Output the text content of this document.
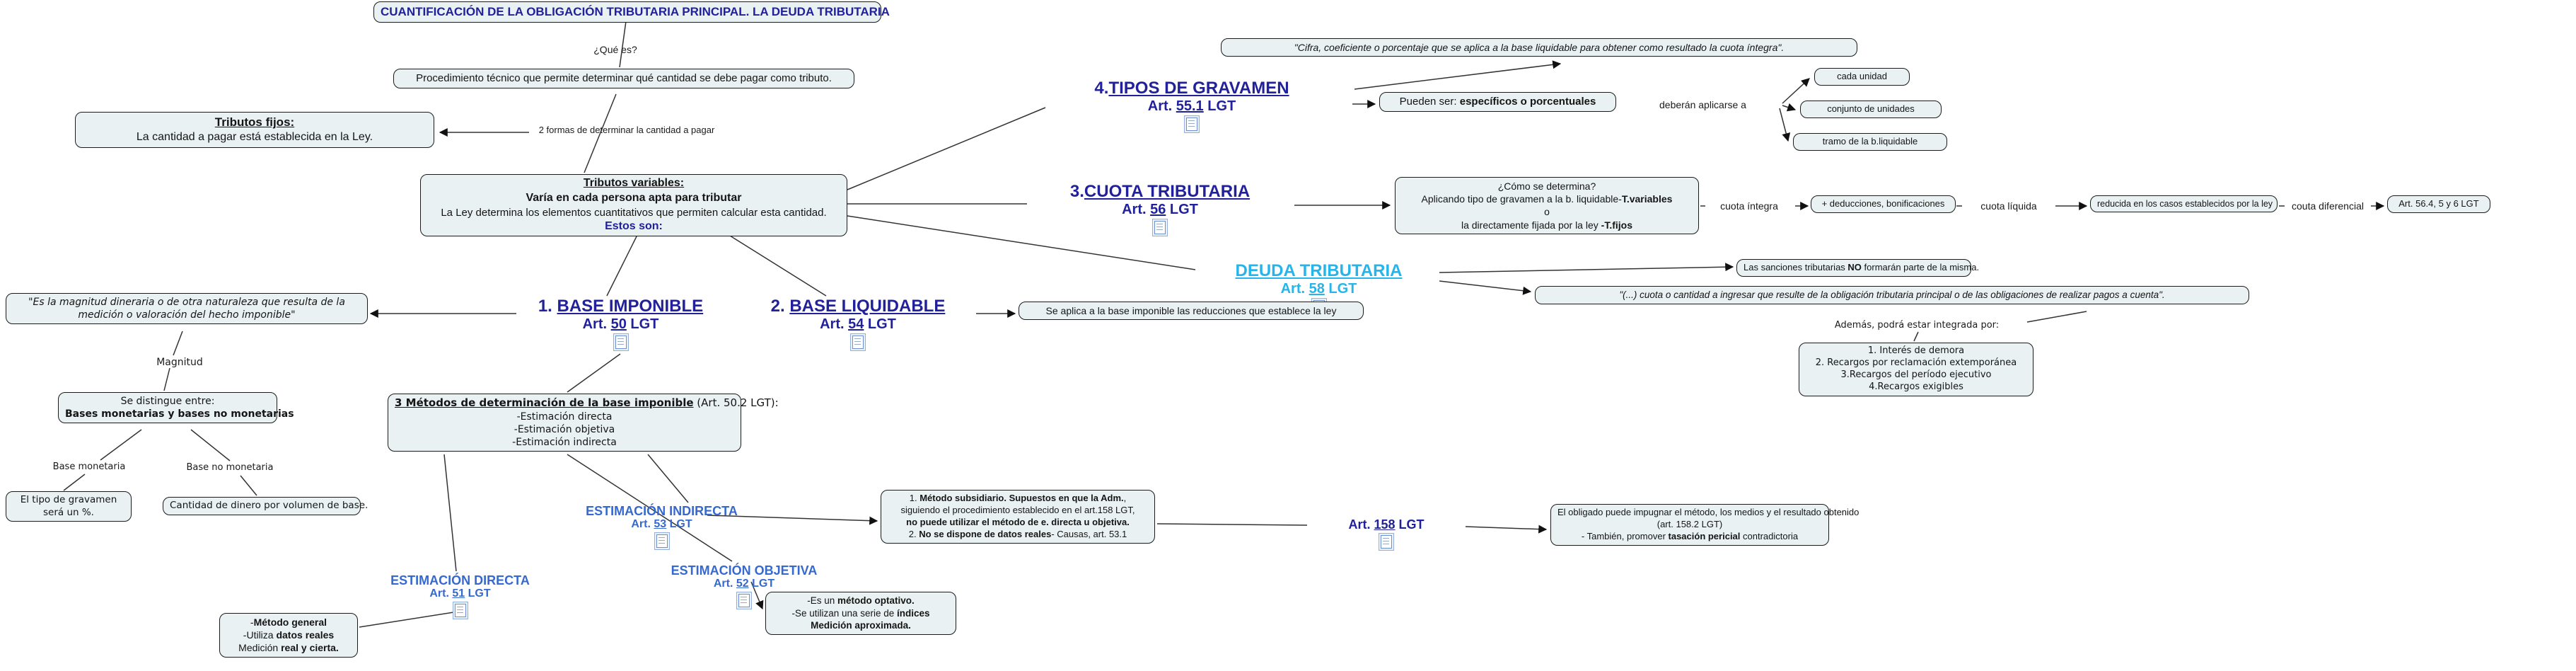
CUANTIFICACIÓN DE LA OBLIGACIÓN TRIBUTARIA PRINCIPAL. LA DEUDA TRIBUTARIA
¿Qué es?
Procedimiento técnico que permite determinar qué cantidad se debe pagar como tributo.
2 formas de determinar la cantidad a pagar
Tributos fijos:
La cantidad a pagar está establecida en la Ley.
Tributos variables:
Varía en cada persona apta para tributar
La Ley determina los elementos cuantitativos que permiten calcular esta cantidad.
Estos son:
4.TIPOS DE GRAVAMEN
Art. 55.1 LGT
"Cifra, coeficiente o porcentaje que se aplica a la base liquidable para obtener como resultado la cuota íntegra".
Pueden ser: específicos o porcentuales	deberán aplicarse a
cada unidad
conjunto de unidades
tramo de la b.liquidable
3.CUOTA TRIBUTARIA
Art. 56 LGT
¿Cómo se determina?
Aplicando tipo de gravamen a la b. liquidable-T.variables
o
la directamente fijada por la ley -T.fijos
cuota íntegra	+ deducciones, bonificaciones	cuota líquida	reducida en los casos establecidos por la ley	couta diferencial	Art. 56.4, 5 y 6 LGT
DEUDA TRIBUTARIA
Art. 58 LGT
Las sanciones tributarias NO formarán parte de la misma.
"(...) cuota o cantidad a ingresar que resulte de la obligación tributaria principal o de las obligaciones de realizar pagos a cuenta".
Además, podrá estar integrada por:
1. Interés de demora
2. Recargos por reclamación extemporánea
3.Recargos del período ejecutivo
4.Recargos exigibles
1. BASE IMPONIBLE
Art. 50 LGT
2. BASE LIQUIDABLE
Art. 54 LGT
Se aplica a la base imponible las reducciones que establece la ley
"Es la magnitud dineraria o de otra naturaleza que resulta de la medición o valoración del hecho imponible"
Magnitud
Se distingue entre:
Bases monetarias y bases no monetarias
Base monetaria	Base no monetaria
El tipo de gravamen será un %.
Cantidad de dinero por volumen de base.
3 Métodos de determinación de la base imponible (Art. 50.2 LGT):
-Estimación directa
-Estimación objetiva
-Estimación indirecta
ESTIMACIÓN INDIRECTA
Art. 53 LGT
1. Método subsidiario. Supuestos en que la Adm.,
siguiendo el procedimiento establecido en el art.158 LGT,
no puede utilizar el método de e. directa u objetiva.
2. No se dispone de datos reales- Causas, art. 53.1
Art. 158 LGT
El obligado puede impugnar el método, los medios y el resultado obtenido
(art. 158.2 LGT)
- También, promover tasación pericial contradictoria
ESTIMACIÓN DIRECTA
Art. 51 LGT
ESTIMACIÓN OBJETIVA
Art. 52 LGT
-Método general
-Utiliza datos reales
Medición real y cierta.
-Es un método optativo.
-Se utilizan una serie de índices
Medición aproximada.
